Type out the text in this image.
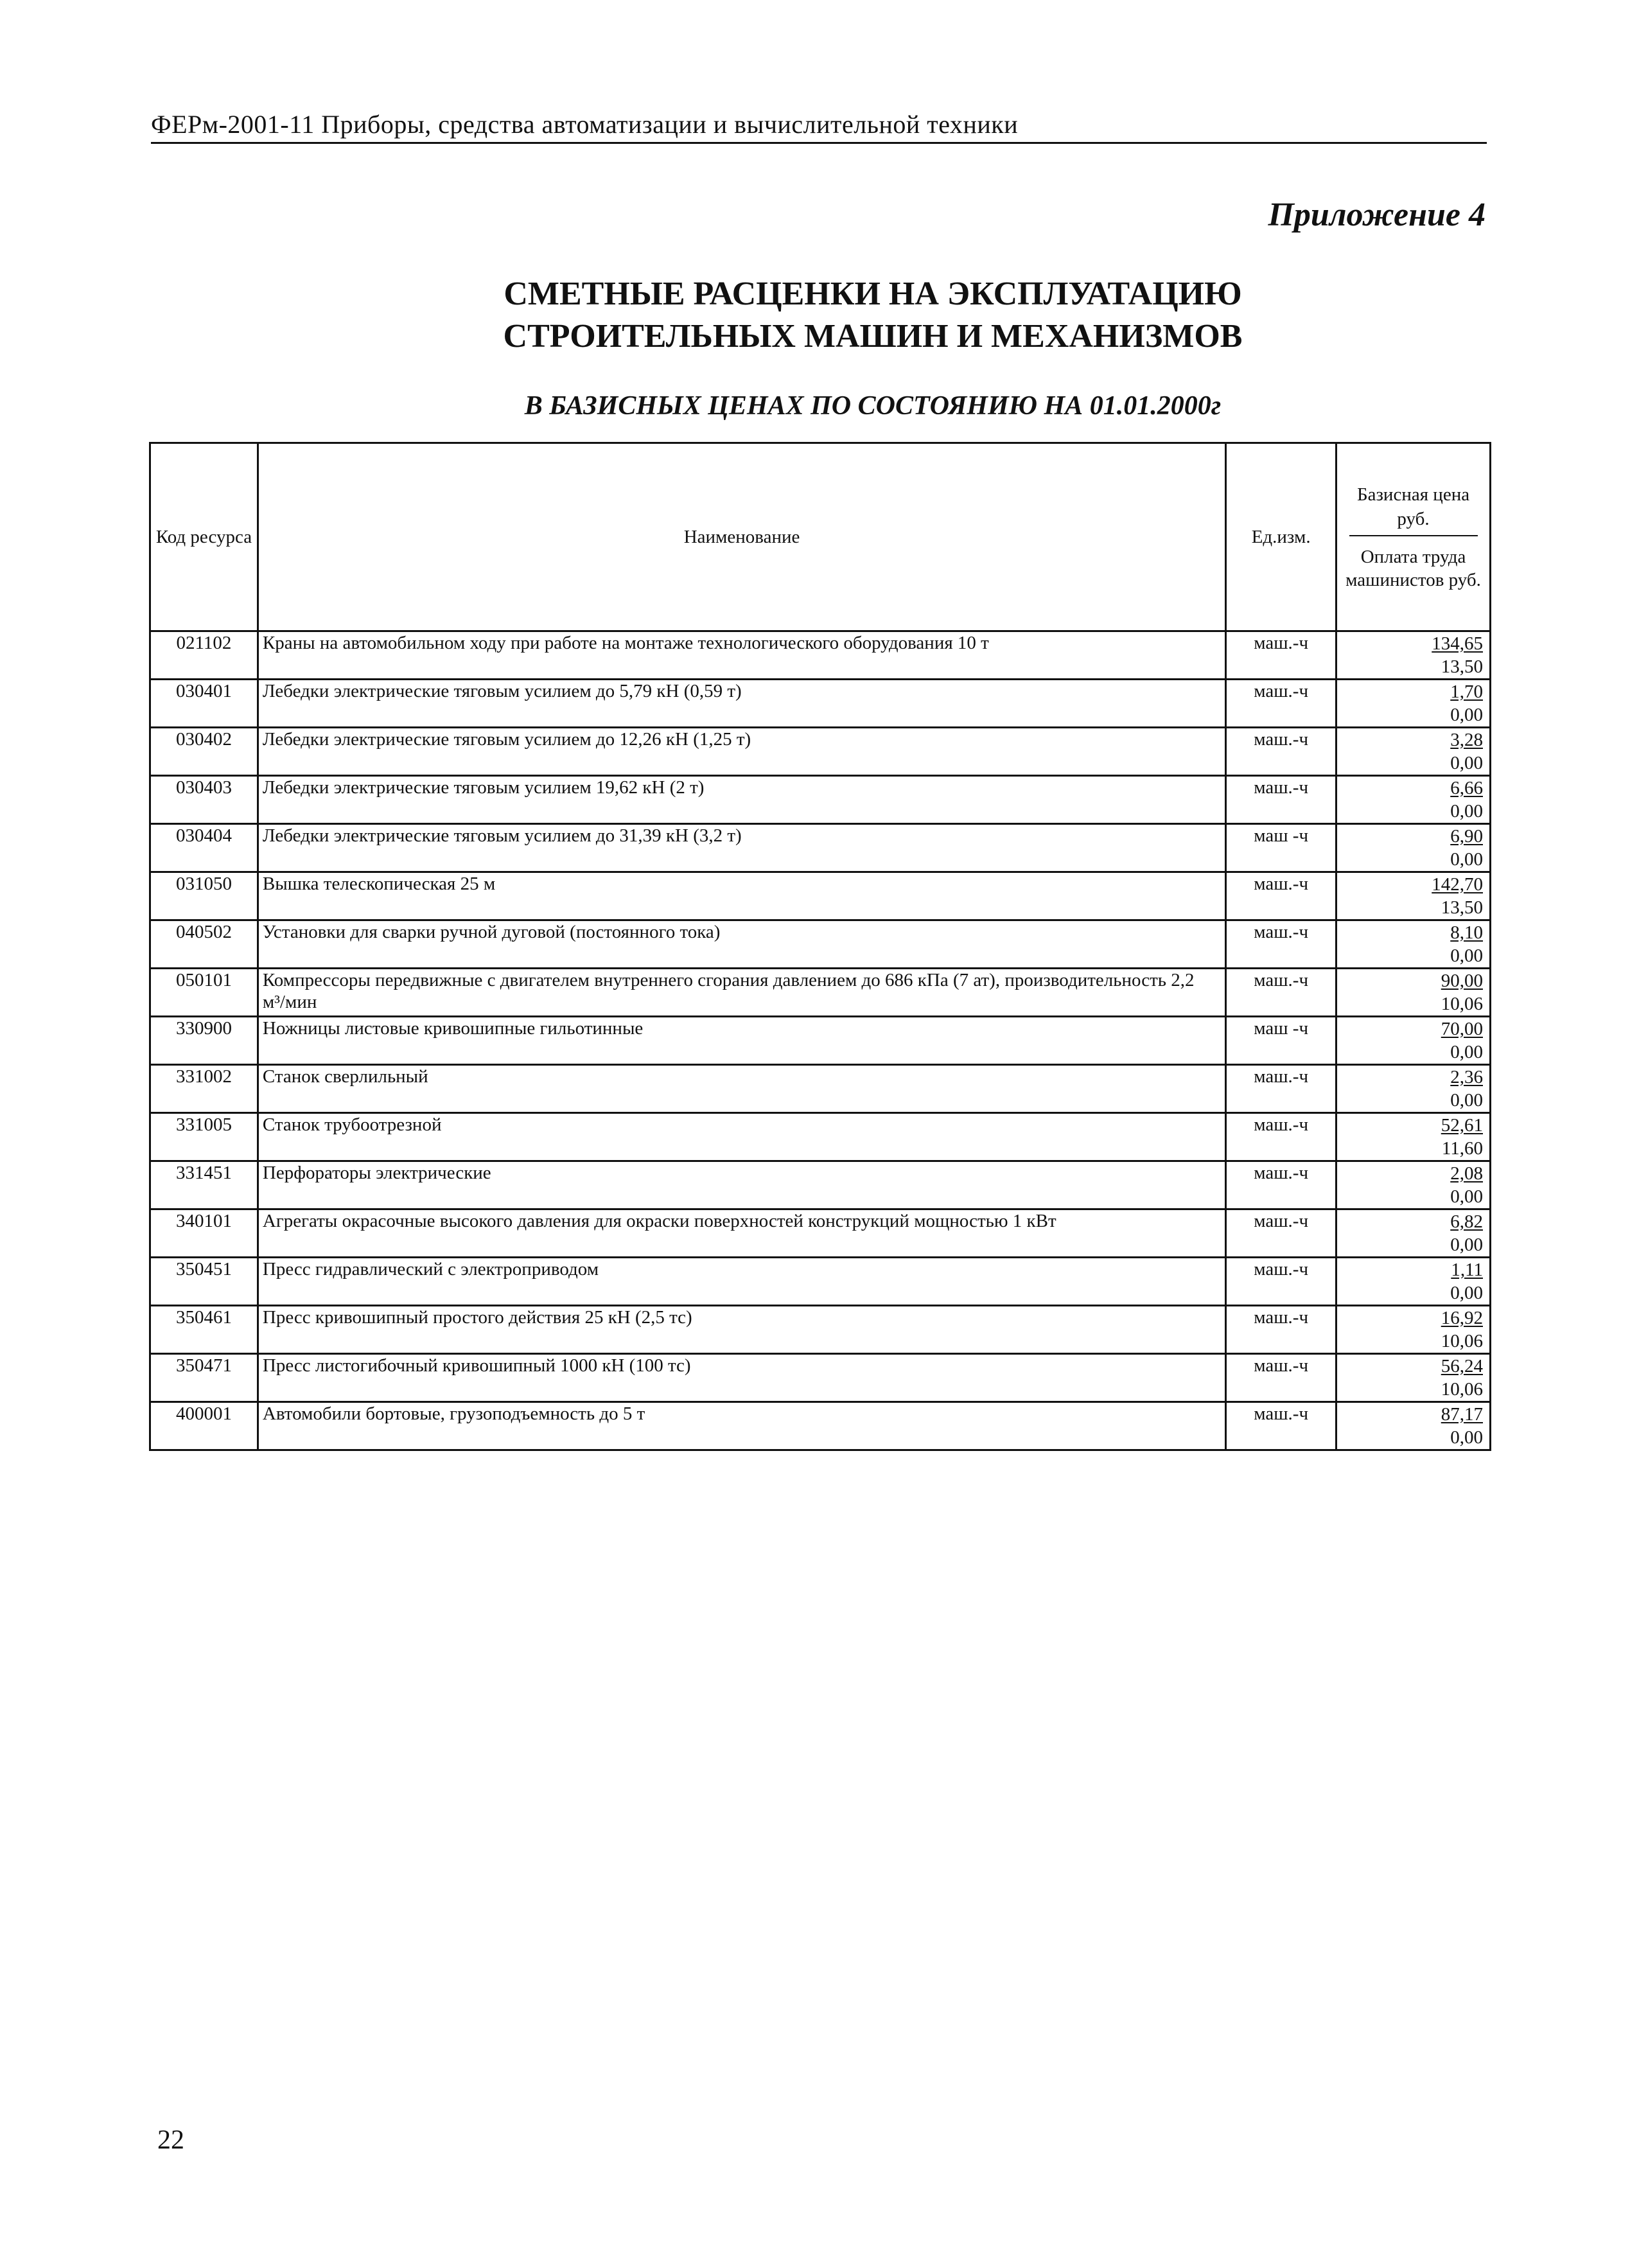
ФЕРм-2001-11 Приборы, средства автоматизации и вычислительной техники
Приложение 4
СМЕТНЫЕ РАСЦЕНКИ НА ЭКСПЛУАТАЦИЮ
СТРОИТЕЛЬНЫХ МАШИН И МЕХАНИЗМОВ
В БАЗИСНЫХ ЦЕНАХ ПО СОСТОЯНИЮ НА 01.01.2000г
Код ресурса	Наименование	Ед.изм.	Базисная цена руб.
Оплата труда машинистов руб.

021102	Краны на автомобильном ходу при работе на монтаже технологического оборудования 10 т	маш.-ч	134,65
13,50

030401	Лебедки электрические тяговым усилием до 5,79 кН (0,59 т)	маш.-ч	1,70
0,00

030402	Лебедки электрические тяговым усилием до 12,26 кН (1,25 т)	маш.-ч	3,28
0,00

030403	Лебедки электрические тяговым усилием 19,62 кН (2 т)	маш.-ч	6,66
0,00

030404	Лебедки электрические тяговым усилием до 31,39 кН (3,2 т)	маш -ч	6,90
0,00

031050	Вышка телескопическая 25 м	маш.-ч	142,70
13,50

040502	Установки для сварки ручной дуговой (постоянного тока)	маш.-ч	8,10
0,00

050101	Компрессоры передвижные с двигателем внутреннего сгорания давлением до 686 кПа (7 ат), производительность 2,2 м³/мин	маш.-ч	90,00
10,06

330900	Ножницы листовые кривошипные гильотинные	маш -ч	70,00
0,00

331002	Станок сверлильный	маш.-ч	2,36
0,00

331005	Станок трубоотрезной	маш.-ч	52,61
11,60

331451	Перфораторы электрические	маш.-ч	2,08
0,00

340101	Агрегаты окрасочные высокого давления для окраски поверхностей конструкций мощностью 1 кВт	маш.-ч	6,82
0,00

350451	Пресс гидравлический с электроприводом	маш.-ч	1,11
0,00

350461	Пресс кривошипный простого действия 25 кН (2,5 тс)	маш.-ч	16,92
10,06

350471	Пресс листогибочный кривошипный 1000 кН (100 тс)	маш.-ч	56,24
10,06

400001	Автомобили бортовые, грузоподъемность до 5 т	маш.-ч	87,17
0,00
22
